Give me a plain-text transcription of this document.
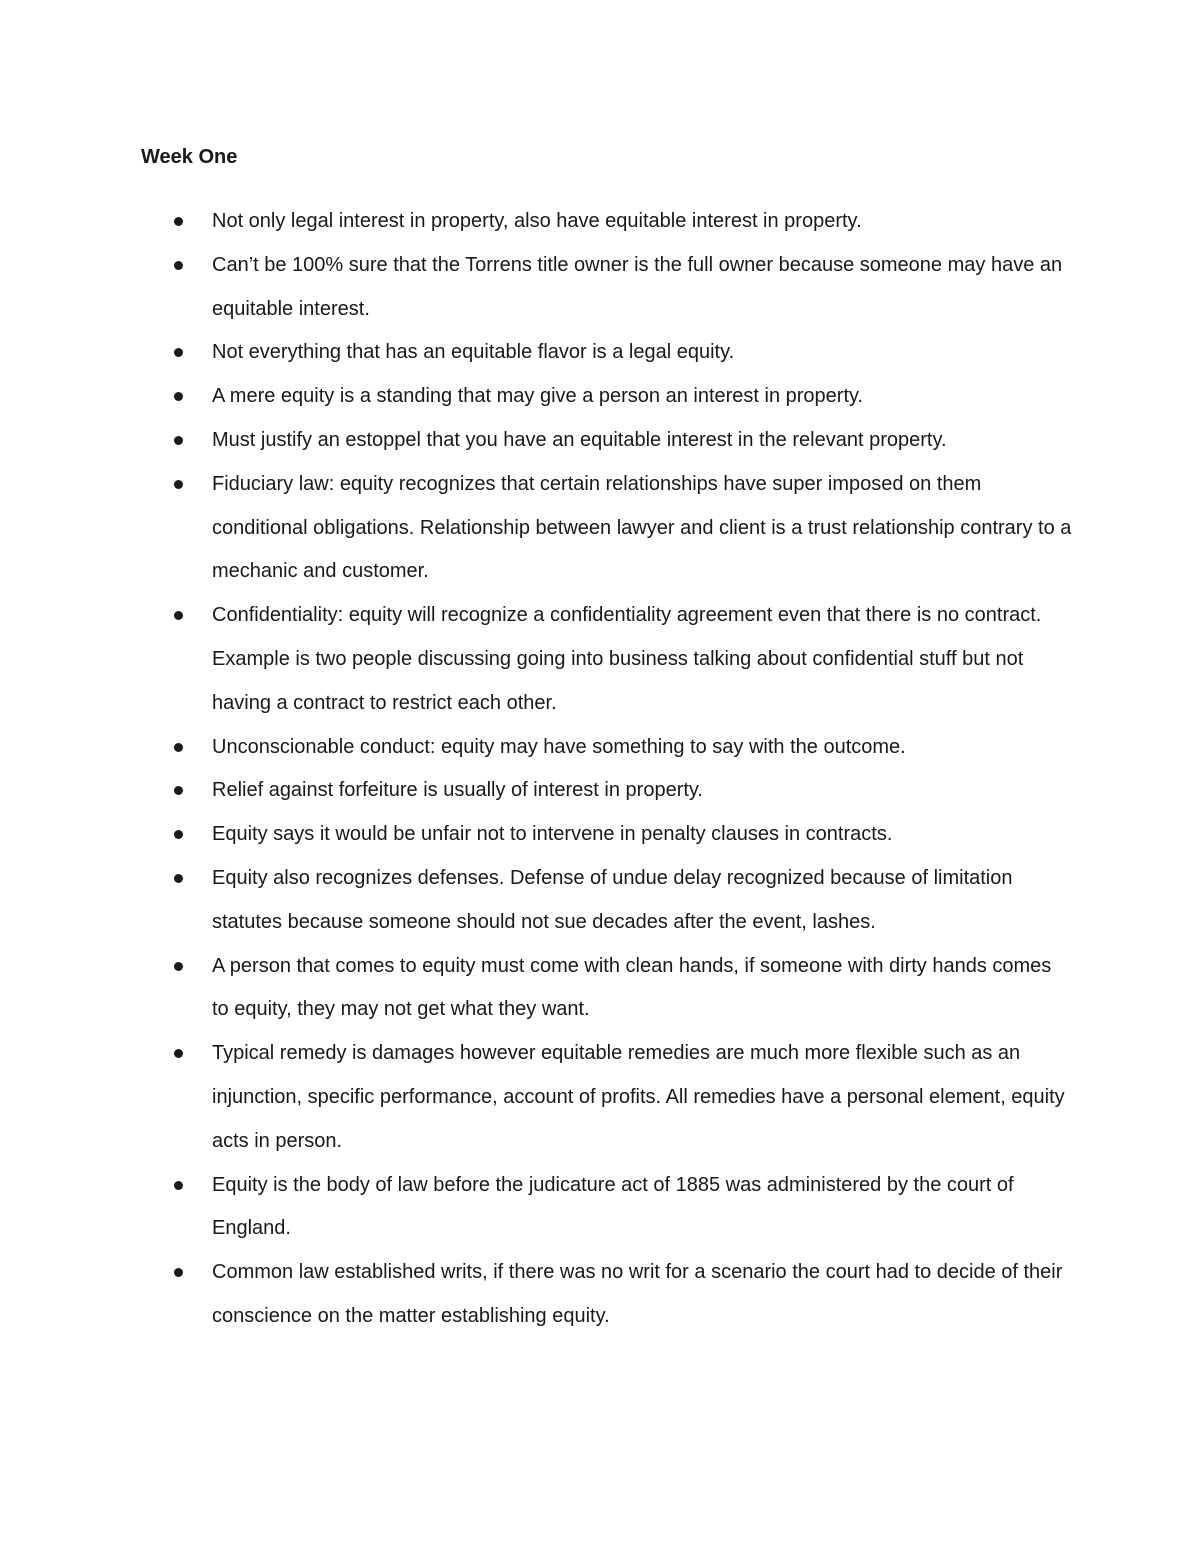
Week One
Not only legal interest in property, also have equitable interest in property.
Can’t be 100% sure that the Torrens title owner is the full owner because someone may have an equitable interest.
Not everything that has an equitable flavor is a legal equity.
A mere equity is a standing that may give a person an interest in property.
Must justify an estoppel that you have an equitable interest in the relevant property.
Fiduciary law: equity recognizes that certain relationships have super imposed on them conditional obligations. Relationship between lawyer and client is a trust relationship contrary to a mechanic and customer.
Confidentiality: equity will recognize a confidentiality agreement even that there is no contract. Example is two people discussing going into business talking about confidential stuff but not having a contract to restrict each other.
Unconscionable conduct: equity may have something to say with the outcome.
Relief against forfeiture is usually of interest in property.
Equity says it would be unfair not to intervene in penalty clauses in contracts.
Equity also recognizes defenses. Defense of undue delay recognized because of limitation statutes because someone should not sue decades after the event, lashes.
A person that comes to equity must come with clean hands, if someone with dirty hands comes to equity, they may not get what they want.
Typical remedy is damages however equitable remedies are much more flexible such as an injunction, specific performance, account of profits. All remedies have a personal element, equity acts in person.
Equity is the body of law before the judicature act of 1885 was administered by the court of England.
Common law established writs, if there was no writ for a scenario the court had to decide of their conscience on the matter establishing equity.
